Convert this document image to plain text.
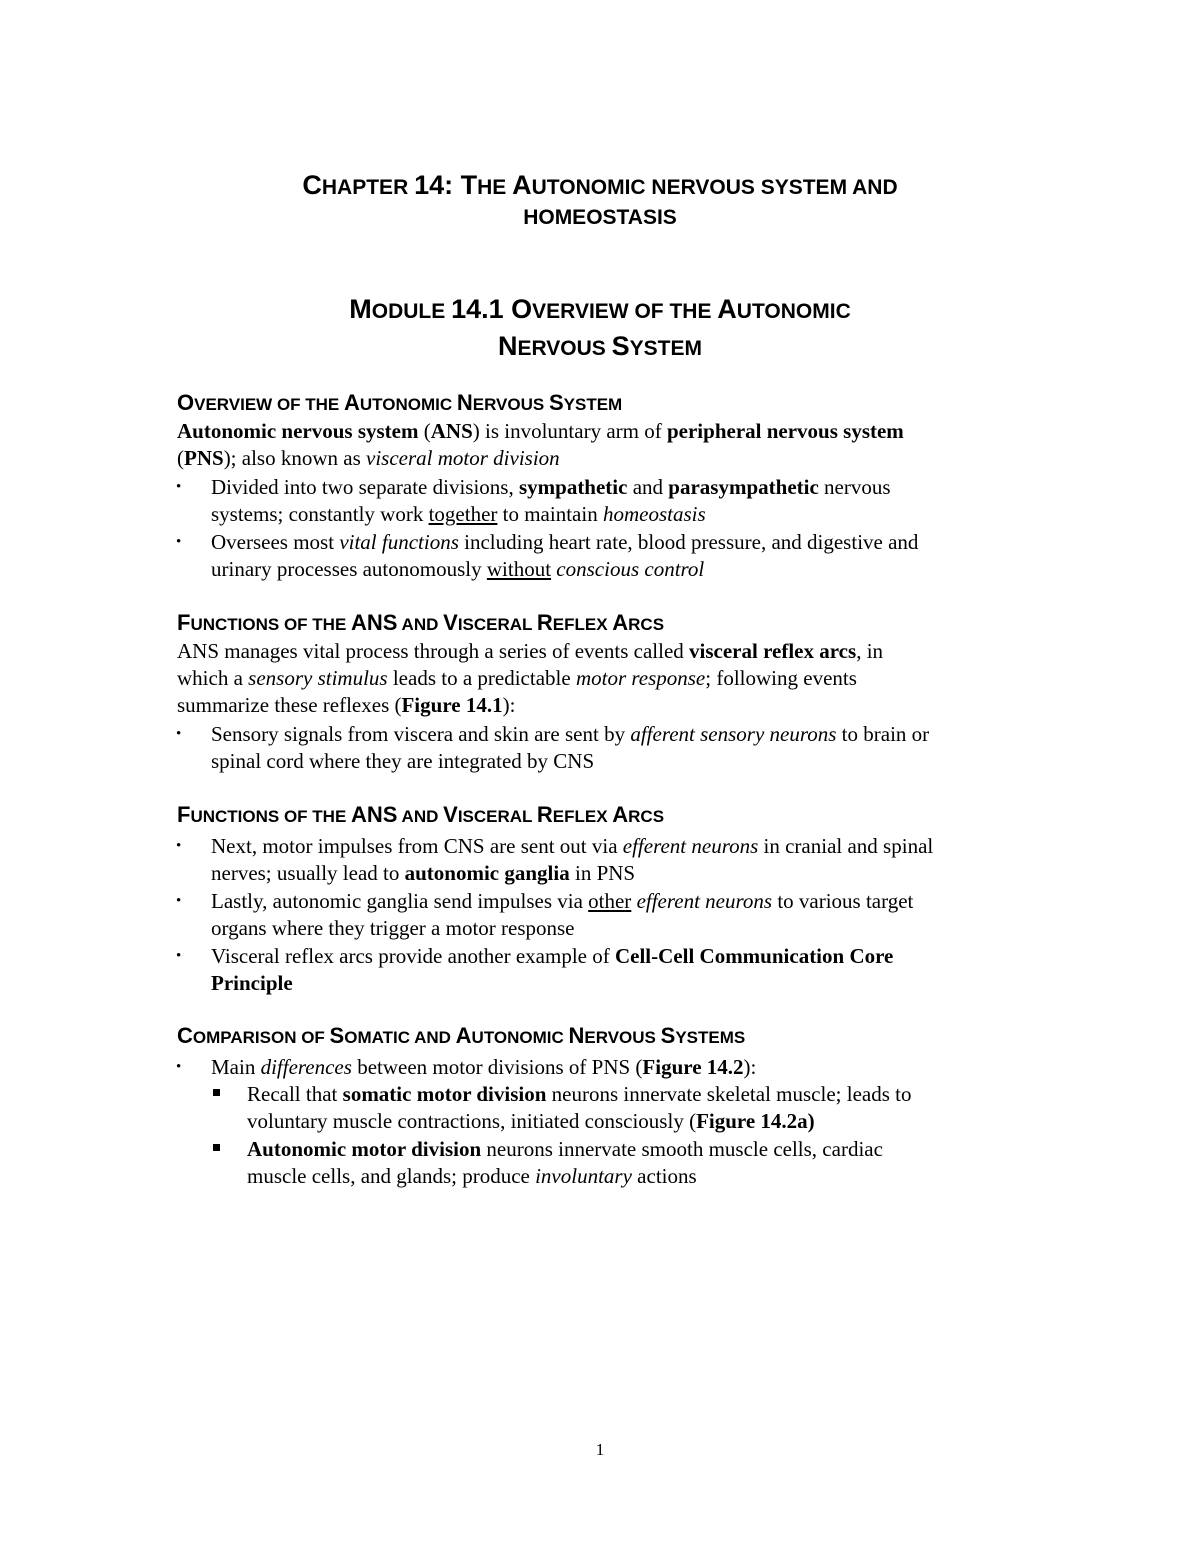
CHAPTER 14: THE AUTONOMIC NERVOUS SYSTEM AND
HOMEOSTASIS
MODULE 14.1 OVERVIEW OF THE AUTONOMIC
NERVOUS SYSTEM
OVERVIEW OF THE AUTONOMIC NERVOUS SYSTEM
Autonomic nervous system (ANS) is involuntary arm of peripheral nervous system
(PNS); also known as visceral motor division
• Divided into two separate divisions, sympathetic and parasympathetic nervous
systems; constantly work together to maintain homeostasis
• Oversees most vital functions including heart rate, blood pressure, and digestive and
urinary processes autonomously without conscious control
FUNCTIONS OF THE ANS AND VISCERAL REFLEX ARCS
ANS manages vital process through a series of events called visceral reflex arcs, in
which a sensory stimulus leads to a predictable motor response; following events
summarize these reflexes (Figure 14.1):
• Sensory signals from viscera and skin are sent by afferent sensory neurons to brain or
spinal cord where they are integrated by CNS
FUNCTIONS OF THE ANS AND VISCERAL REFLEX ARCS
• Next, motor impulses from CNS are sent out via efferent neurons in cranial and spinal
nerves; usually lead to autonomic ganglia in PNS
• Lastly, autonomic ganglia send impulses via other efferent neurons to various target
organs where they trigger a motor response
• Visceral reflex arcs provide another example of Cell-Cell Communication Core
Principle
COMPARISON OF SOMATIC AND AUTONOMIC NERVOUS SYSTEMS
• Main differences between motor divisions of PNS (Figure 14.2):
Recall that somatic motor division neurons innervate skeletal muscle; leads to
voluntary muscle contractions, initiated consciously (Figure 14.2a)
Autonomic motor division neurons innervate smooth muscle cells, cardiac
muscle cells, and glands; produce involuntary actions
1
